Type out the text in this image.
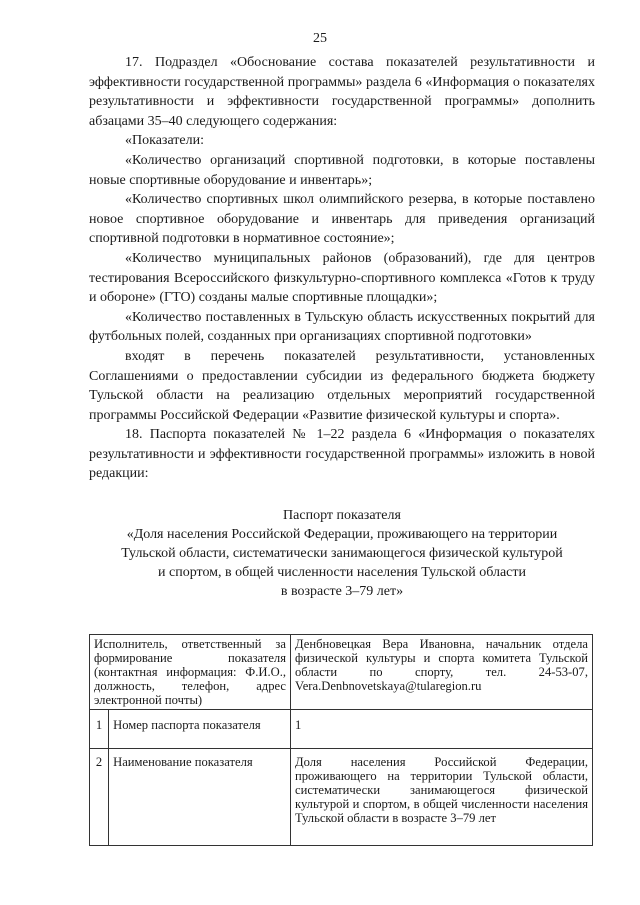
25

17. Подраздел «Обоснование состава показателей результативности и эффективности государственной программы» раздела 6 «Информация о показателях результативности и эффективности государственной программы» дополнить абзацами 35–40 следующего содержания:

«Показатели:

«Количество организаций спортивной подготовки, в которые поставлены новые спортивные оборудование и инвентарь»;

«Количество спортивных школ олимпийского резерва, в которые поставлено новое спортивное оборудование и инвентарь для приведения организаций спортивной подготовки в нормативное состояние»;

«Количество муниципальных районов (образований), где для центров тестирования Всероссийского физкультурно-спортивного комплекса «Готов к труду и обороне» (ГТО) созданы малые спортивные площадки»;

«Количество поставленных в Тульскую область искусственных покрытий для футбольных полей, созданных при организациях спортивной подготовки»

входят в перечень показателей результативности, установленных Соглашениями о предоставлении субсидии из федерального бюджета бюджету Тульской области на реализацию отдельных мероприятий государственной программы Российской Федерации «Развитие физической культуры и спорта».

18. Паспорта показателей № 1–22 раздела 6 «Информация о показателях результативности и эффективности государственной программы» изложить в новой редакции:

Паспорт показателя
«Доля населения Российской Федерации, проживающего на территории
Тульской области, систематически занимающегося физической культурой
и спортом, в общей численности населения Тульской области
в возрасте 3–79 лет»
Исполнитель, ответственный за формирование показателя (контактная информация: Ф.И.О., должность, телефон, адрес электронной почты)		Денбновецкая Вера Ивановна, начальник отдела физической культуры и спорта комитета Тульской области по спорту, тел. 24-53-07, Vera.Denbnovetskaya@tularegion.ru
1	Номер паспорта показателя	1
2	Наименование показателя	Доля населения Российской Федерации, проживающего на территории Тульской области, систематически занимающегося физической культурой и спортом, в общей численности населения Тульской области в возрасте 3–79 лет
